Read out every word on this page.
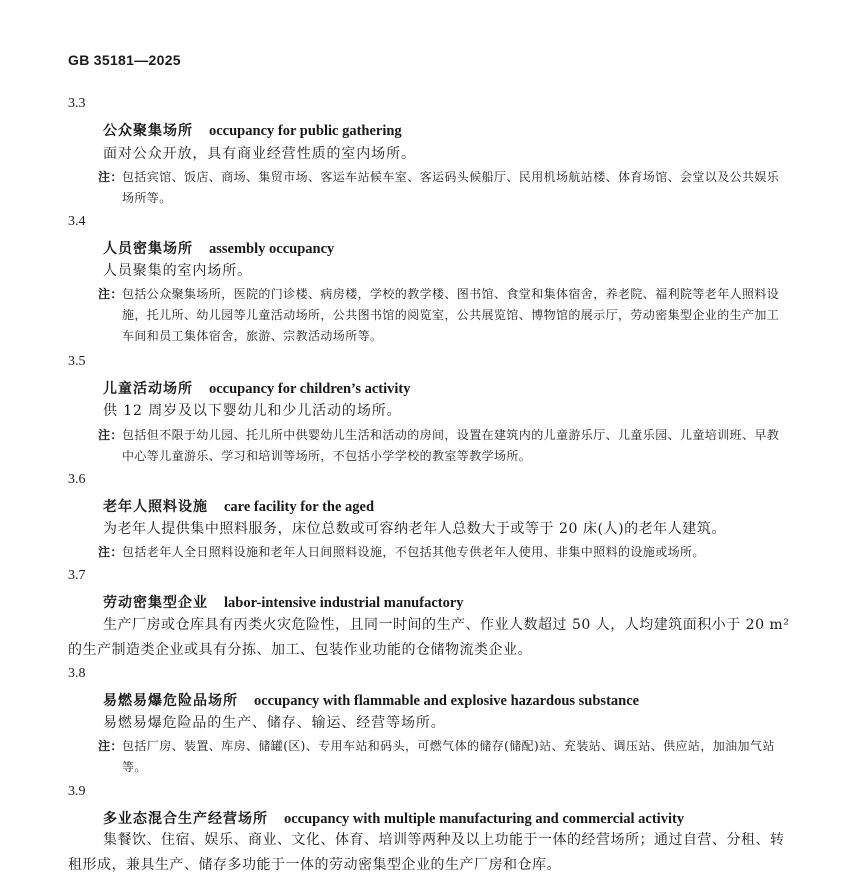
GB 35181—2025
3.3
公众聚集场所 occupancy for public gathering
面对公众开放，具有商业经营性质的室内场所。
注： 包括宾馆、饭店、商场、集贸市场、客运车站候车室、客运码头候船厅、民用机场航站楼、体育场馆、会堂以及公共娱乐场所等。
3.4
人员密集场所 assembly occupancy
人员聚集的室内场所。
注： 包括公众聚集场所，医院的门诊楼、病房楼，学校的教学楼、图书馆、食堂和集体宿舍，养老院、福利院等老年人照料设施，托儿所、幼儿园等儿童活动场所，公共图书馆的阅览室，公共展览馆、博物馆的展示厅，劳动密集型企业的生产加工车间和员工集体宿舍，旅游、宗教活动场所等。
3.5
儿童活动场所 occupancy for children’s activity
供 12 周岁及以下婴幼儿和少儿活动的场所。
注： 包括但不限于幼儿园、托儿所中供婴幼儿生活和活动的房间，设置在建筑内的儿童游乐厅、儿童乐园、儿童培训班、早教中心等儿童游乐、学习和培训等场所，不包括小学学校的教室等教学场所。
3.6
老年人照料设施 care facility for the aged
为老年人提供集中照料服务，床位总数或可容纳老年人总数大于或等于 20 床(人)的老年人建筑。
注： 包括老年人全日照料设施和老年人日间照料设施，不包括其他专供老年人使用、非集中照料的设施或场所。
3.7
劳动密集型企业 labor-intensive industrial manufactory
生产厂房或仓库具有丙类火灾危险性，且同一时间的生产、作业人数超过 50 人，人均建筑面积小于 20 m² 的生产制造类企业或具有分拣、加工、包装作业功能的仓储物流类企业。
3.8
易燃易爆危险品场所 occupancy with flammable and explosive hazardous substance
易燃易爆危险品的生产、储存、输运、经营等场所。
注： 包括厂房、装置、库房、储罐(区)、专用车站和码头，可燃气体的储存(储配)站、充装站、调压站、供应站，加油加气站等。
3.9
多业态混合生产经营场所 occupancy with multiple manufacturing and commercial activity
集餐饮、住宿、娱乐、商业、文化、体育、培训等两种及以上功能于一体的经营场所；通过自营、分租、转租形成，兼具生产、储存多功能于一体的劳动密集型企业的生产厂房和仓库。
